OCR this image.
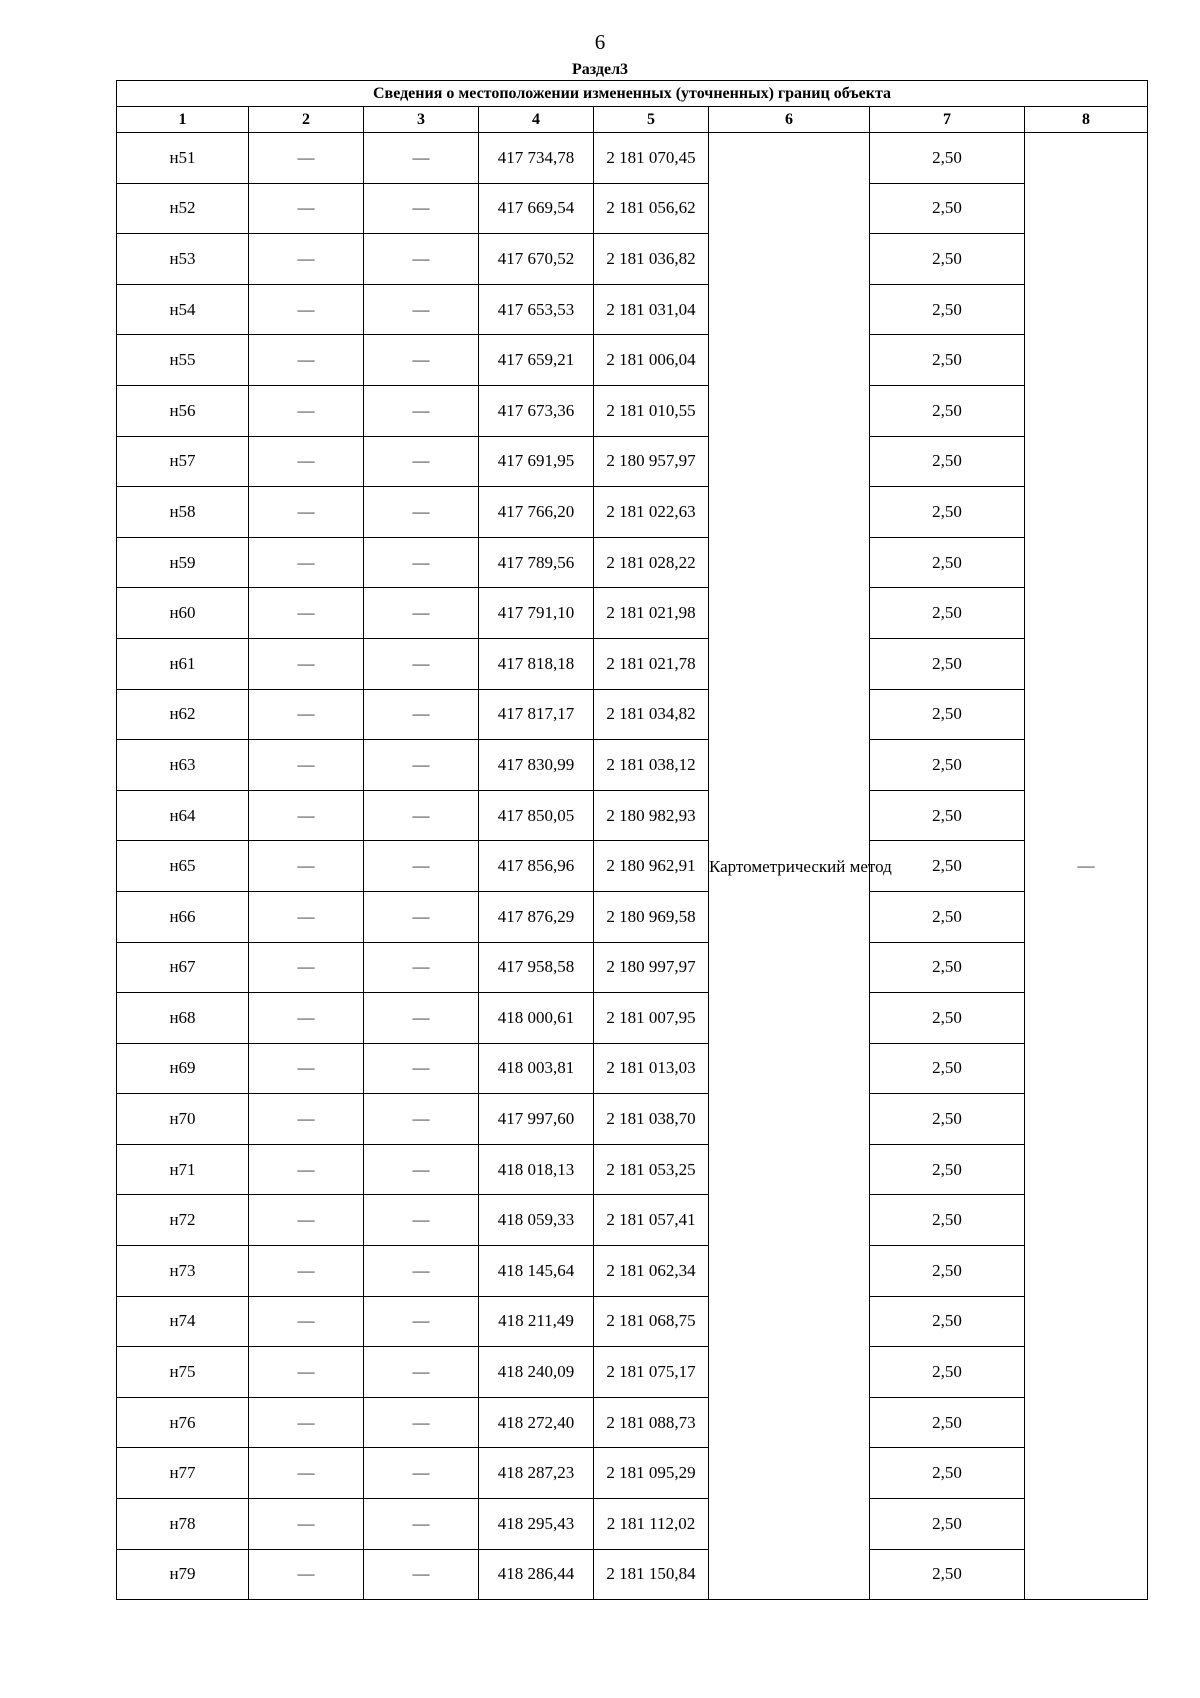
6
Раздел3
Сведения о местоположении измененных (уточненных) границ объекта							
1	2	3	4	5	6	7	8
н51	—	—	417 734,78	2 181 070,45	Картометрический метод	2,50	—
н52	—	—	417 669,54	2 181 056,62		2,50	
н53	—	—	417 670,52	2 181 036,82		2,50	
н54	—	—	417 653,53	2 181 031,04		2,50	
н55	—	—	417 659,21	2 181 006,04		2,50	
н56	—	—	417 673,36	2 181 010,55		2,50	
н57	—	—	417 691,95	2 180 957,97		2,50	
н58	—	—	417 766,20	2 181 022,63		2,50	
н59	—	—	417 789,56	2 181 028,22		2,50	
н60	—	—	417 791,10	2 181 021,98		2,50	
н61	—	—	417 818,18	2 181 021,78		2,50	
н62	—	—	417 817,17	2 181 034,82		2,50	
н63	—	—	417 830,99	2 181 038,12		2,50	
н64	—	—	417 850,05	2 180 982,93		2,50	
н65	—	—	417 856,96	2 180 962,91		2,50	
н66	—	—	417 876,29	2 180 969,58		2,50	
н67	—	—	417 958,58	2 180 997,97		2,50	
н68	—	—	418 000,61	2 181 007,95		2,50	
н69	—	—	418 003,81	2 181 013,03		2,50	
н70	—	—	417 997,60	2 181 038,70		2,50	
н71	—	—	418 018,13	2 181 053,25		2,50	
н72	—	—	418 059,33	2 181 057,41		2,50	
н73	—	—	418 145,64	2 181 062,34		2,50	
н74	—	—	418 211,49	2 181 068,75		2,50	
н75	—	—	418 240,09	2 181 075,17		2,50	
н76	—	—	418 272,40	2 181 088,73		2,50	
н77	—	—	418 287,23	2 181 095,29		2,50	
н78	—	—	418 295,43	2 181 112,02		2,50	
н79	—	—	418 286,44	2 181 150,84		2,50	
